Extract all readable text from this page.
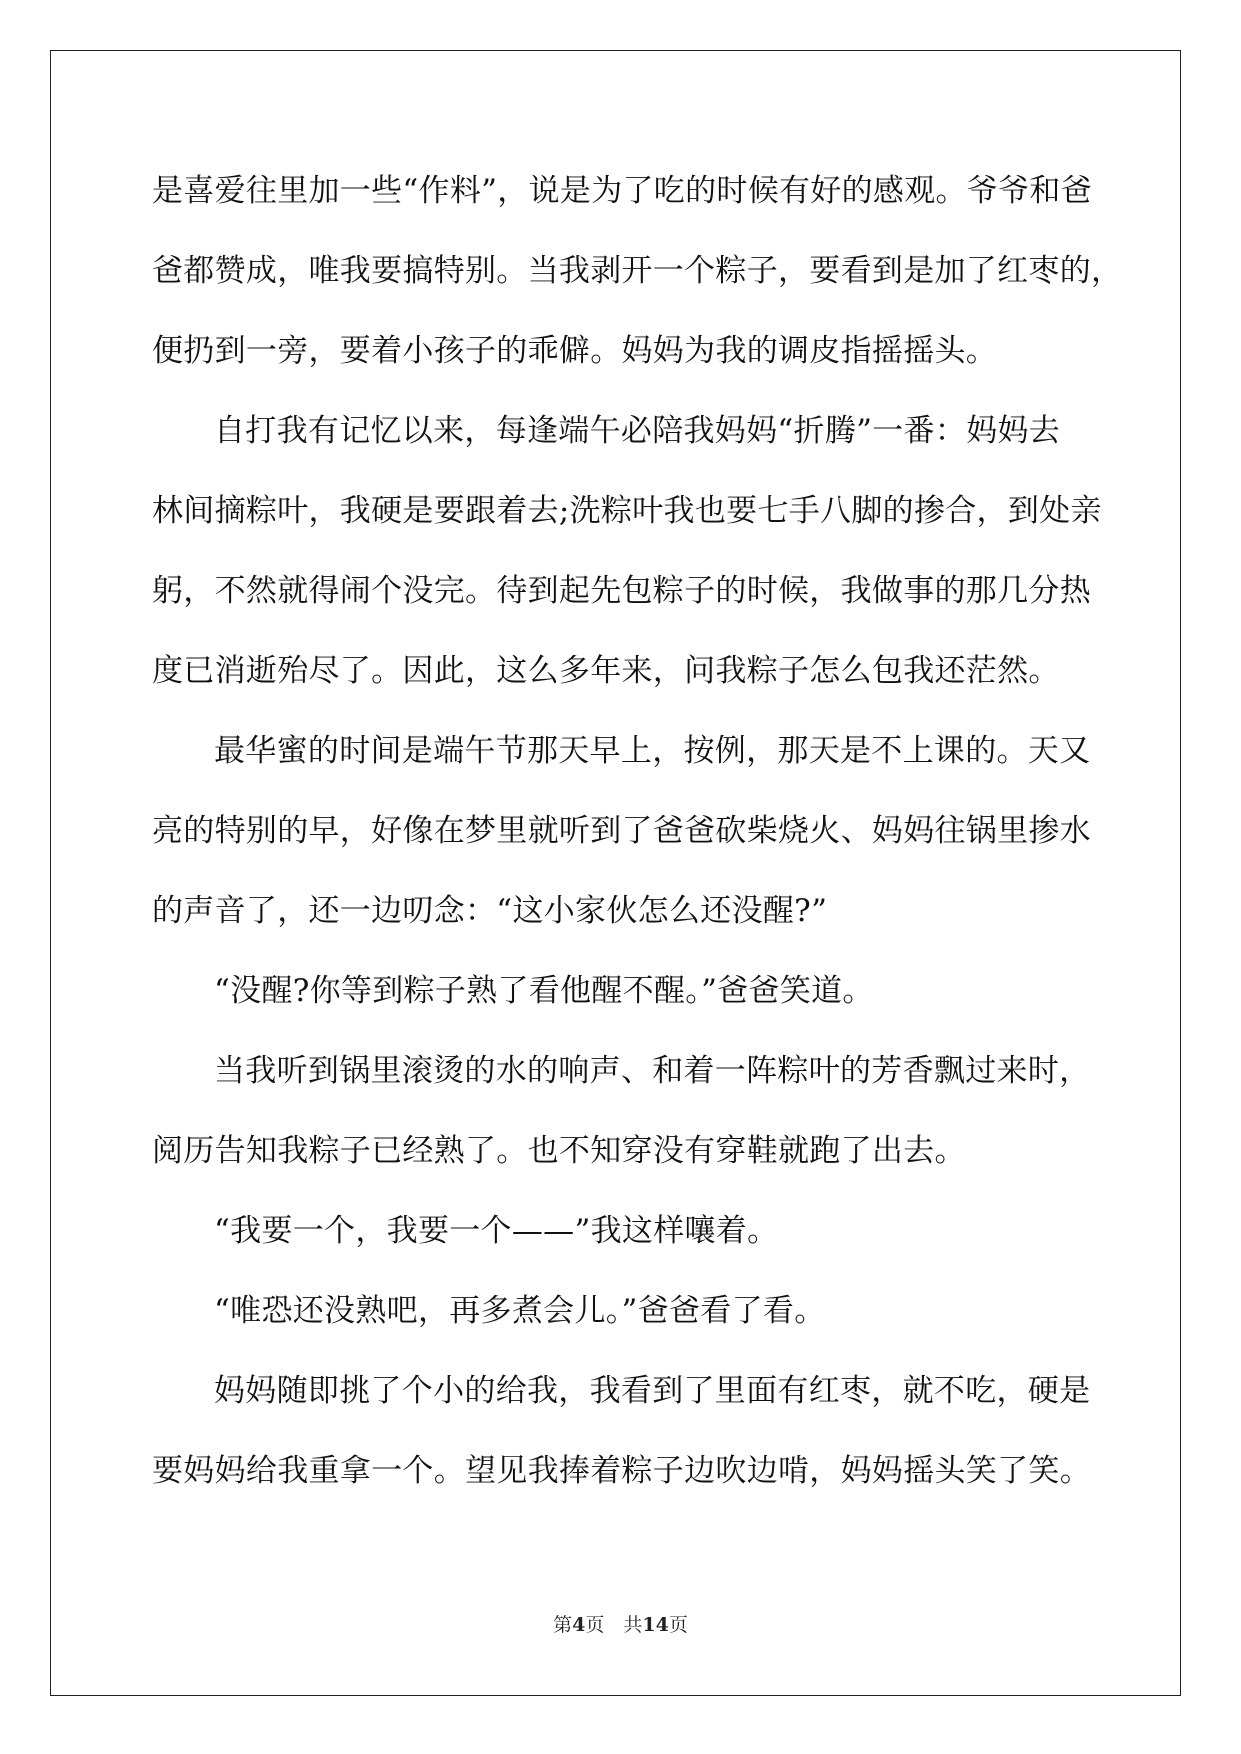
是喜爱往里加一些“作料”，说是为了吃的时候有好的感观。爷爷和爸
爸都赞成，唯我要搞特别。当我剥开一个粽子，要看到是加了红枣的，
便扔到一旁，要着小孩子的乖僻。妈妈为我的调皮指摇摇头。
自打我有记忆以来，每逢端午必陪我妈妈“折腾”一番：妈妈去
林间摘粽叶，我硬是要跟着去;洗粽叶我也要七手八脚的掺合，到处亲
躬，不然就得闹个没完。待到起先包粽子的时候，我做事的那几分热
度已消逝殆尽了。因此，这么多年来，问我粽子怎么包我还茫然。
最华蜜的时间是端午节那天早上，按例，那天是不上课的。天又
亮的特别的早，好像在梦里就听到了爸爸砍柴烧火、妈妈往锅里掺水
的声音了，还一边叨念：“这小家伙怎么还没醒?”
“没醒?你等到粽子熟了看他醒不醒。”爸爸笑道。
当我听到锅里滚烫的水的响声、和着一阵粽叶的芳香飘过来时，
阅历告知我粽子已经熟了。也不知穿没有穿鞋就跑了出去。
“我要一个，我要一个——”我这样嚷着。
“唯恐还没熟吧，再多煮会儿。”爸爸看了看。
妈妈随即挑了个小的给我，我看到了里面有红枣，就不吃，硬是
要妈妈给我重拿一个。望见我捧着粽子边吹边啃，妈妈摇头笑了笑。
第4页　共14页
